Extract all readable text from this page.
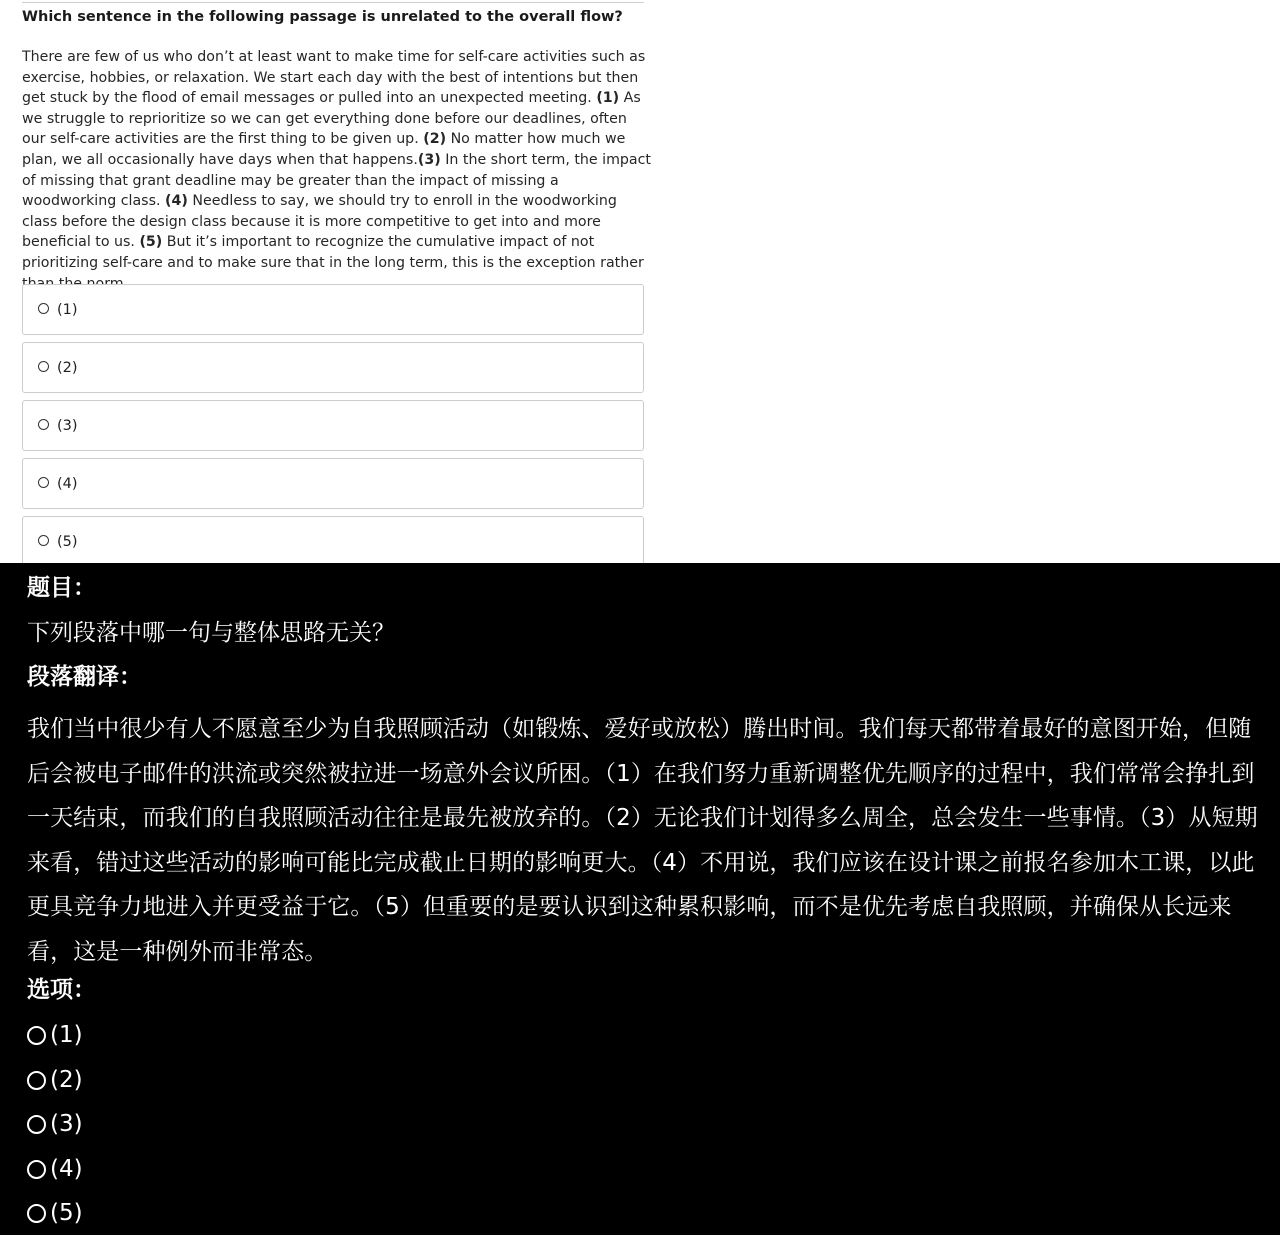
Which sentence in the following passage is unrelated to the overall flow?

There are few of us who don’t at least want to make time for self-care activities such as exercise, hobbies, or relaxation. We start each day with the best of intentions but then get stuck by the flood of email messages or pulled into an unexpected meeting. (1) As we struggle to reprioritize so we can get everything done before our deadlines, often our self-care activities are the first thing to be given up. (2) No matter how much we plan, we all occasionally have days when that happens.(3) In the short term, the impact of missing that grant deadline may be greater than the impact of missing a woodworking class. (4) Needless to say, we should try to enroll in the woodworking class before the design class because it is more competitive to get into and more beneficial to us. (5) But it’s important to recognize the cumulative impact of not prioritizing self-care and to make sure that in the long term, this is the exception rather

(1)
(2)
(3)
(4)
(5)

题目：

下列段落中哪一句与整体思路无关？

段落翻译：

我们当中很少有人不愿意至少为自我照顾活动（如锻炼、爱好或放松）腾出时间。我们每天都带着最好的意图开始，但随后会被电子邮件的洪流或突然被拉进一场意外会议所困。（1）在我们努力重新调整优先顺序的过程中，我们常常会挣扎到一天结束，而我们的自我照顾活动往往是最先被放弃的。（2）无论我们计划得多么周全，总会发生一些事情。（3）从短期来看，错过这些活动的影响可能比完成截止日期的影响更大。（4）不用说，我们应该在设计课之前报名参加木工课，以此更具竞争力地进入并更受益于它。（5）但重要的是要认识到这种累积影响，而不是优先考虑自我照顾，并确保从长远来看，这是一种例外而非常态。

选项：

(1)

(2)

(3)

(4)

(5)
